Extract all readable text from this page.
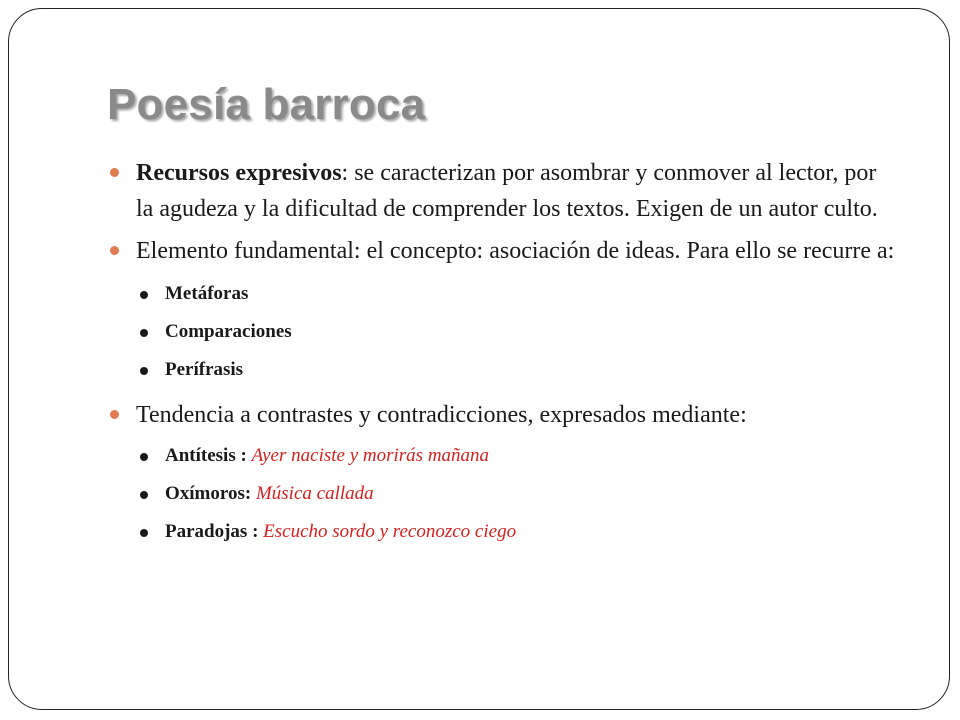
Poesía barroca
Recursos expresivos: se caracterizan por asombrar y conmover al lector, por la agudeza y la dificultad de comprender los textos. Exigen de un autor culto.
Elemento fundamental: el concepto: asociación de ideas. Para ello se recurre a:
Metáforas
Comparaciones
Perífrasis
Tendencia a contrastes y contradicciones, expresados mediante:
Antítesis : Ayer naciste y morirás mañana
Oxímoros: Música callada
Paradojas : Escucho sordo y reconozco ciego
